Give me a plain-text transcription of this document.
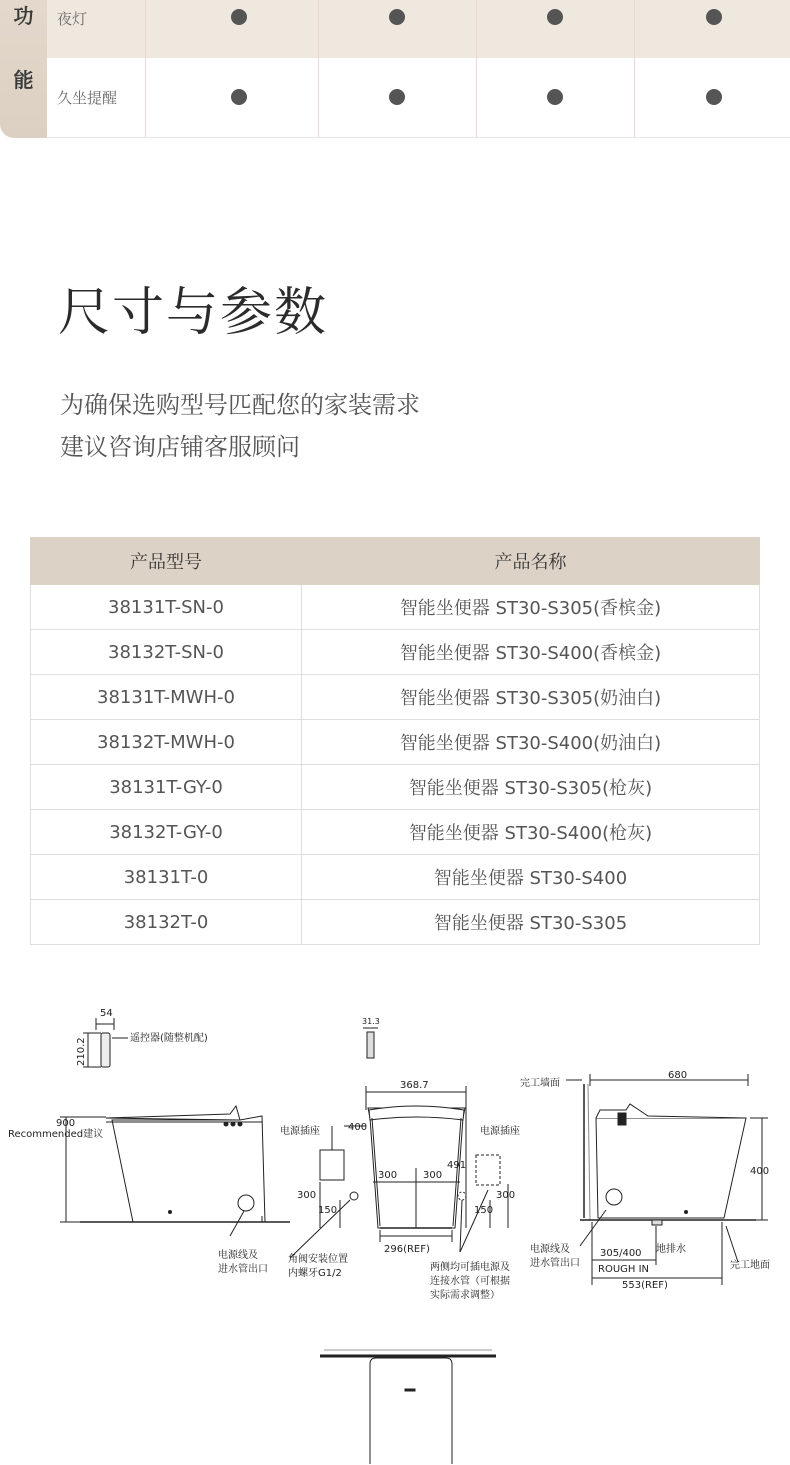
夜灯
久坐提醒
功
能
尺寸与参数
为确保选购型号匹配您的家装需求
建议咨询店铺客服顾问
产品型号	产品名称
38131T-SN-0	智能坐便器 ST30-S305(香槟金)
38132T-SN-0	智能坐便器 ST30-S400(香槟金)
38131T-MWH-0	智能坐便器 ST30-S305(奶油白)
38132T-MWH-0	智能坐便器 ST30-S400(奶油白)
38131T-GY-0	智能坐便器 ST30-S305(枪灰)
38132T-GY-0	智能坐便器 ST30-S400(枪灰)
38131T-0	智能坐便器 ST30-S400
38132T-0	智能坐便器 ST30-S305
54
210.2	遥控器(随整机配)
900
Recommended建议
电源线及
进水管出口
31.3
368.7
电源插座	400	电源插座
491
300	300
300	300
150	150
296(REF)
角阀安装位置
内螺牙G1/2
两侧均可插电源及
连接水管（可根据
实际需求调整）
680
完工墙面
400
电源线及
进水管出口
305/400 地排水
ROUGH IN
553(REF)
完工地面
